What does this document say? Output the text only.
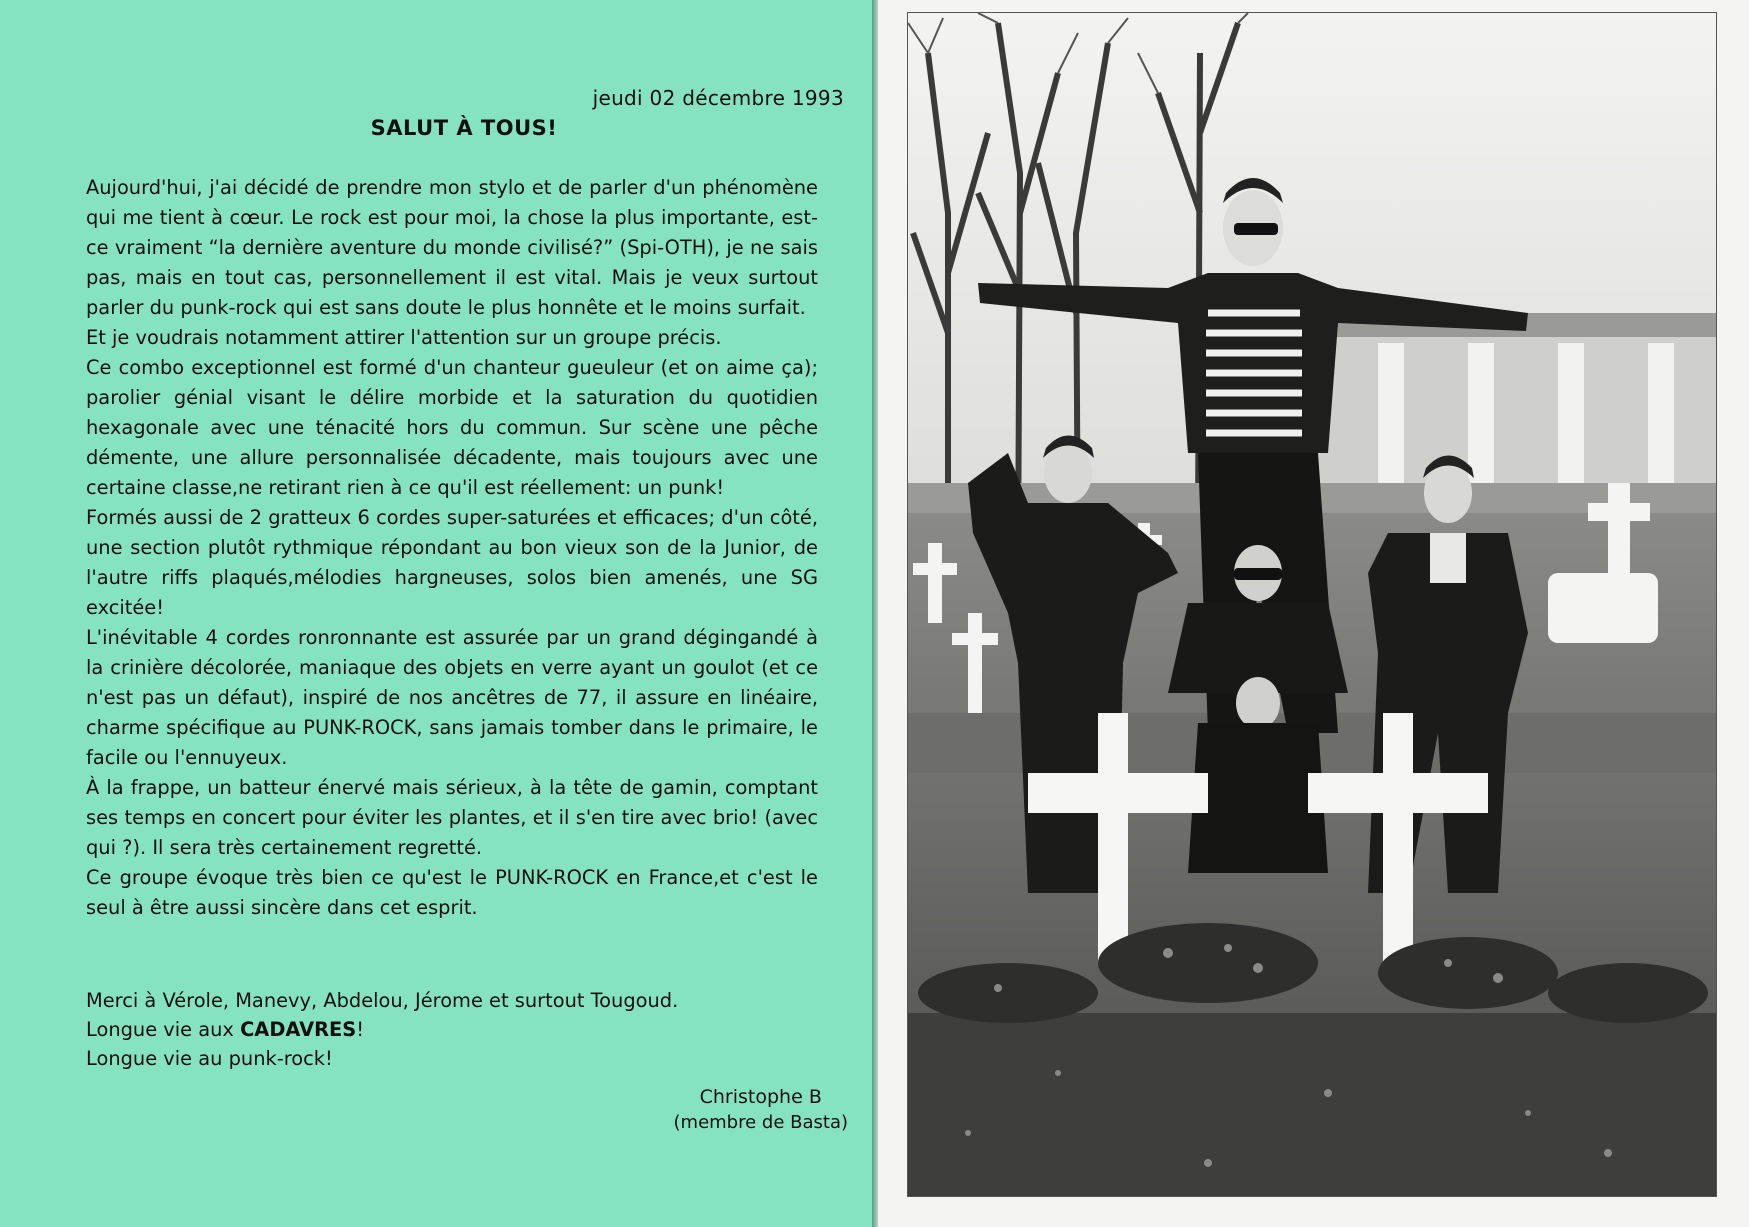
jeudi 02 décembre 1993
SALUT À TOUS!

Aujourd'hui, j'ai décidé de prendre mon stylo et de parler d'un phénomène qui me tient à cœur. Le rock est pour moi, la chose la plus importante, est-ce vraiment “la dernière aventure du monde civilisé?” (Spi-OTH), je ne sais pas, mais en tout cas, personnellement il est vital. Mais je veux surtout parler du punk-rock qui est sans doute le plus honnête et le moins surfait.

Et je voudrais notamment attirer l'attention sur un groupe précis.

Ce combo exceptionnel est formé d'un chanteur gueuleur (et on aime ça); parolier génial visant le délire morbide et la saturation du quotidien hexagonale avec une ténacité hors du commun. Sur scène une pêche démente, une allure personnalisée décadente, mais toujours avec une certaine classe,ne retirant rien à ce qu'il est réellement: un punk!

Formés aussi de 2 gratteux 6 cordes super-saturées et efficaces; d'un côté, une section plutôt rythmique répondant au bon vieux son de la Junior, de l'autre riffs plaqués,mélodies hargneuses, solos bien amenés, une SG excitée!

L'inévitable 4 cordes ronronnante est assurée par un grand dégingandé à la crinière décolorée, maniaque des objets en verre ayant un goulot (et ce n'est pas un défaut), inspiré de nos ancêtres de 77, il assure en linéaire, charme spécifique au PUNK-ROCK, sans jamais tomber dans le primaire, le facile ou l'ennuyeux.

À la frappe, un batteur énervé mais sérieux, à la tête de gamin, comptant ses temps en concert pour éviter les plantes, et il s'en tire avec brio! (avec qui ?). Il sera très certainement regretté.

Ce groupe évoque très bien ce qu'est le PUNK-ROCK en France,et c'est le seul à être aussi sincère dans cet esprit.

Merci à Vérole, Manevy, Abdelou, Jérome et surtout Tougoud.

Longue vie aux CADAVRES!

Longue vie au punk-rock!

Christophe B
(membre de Basta)
